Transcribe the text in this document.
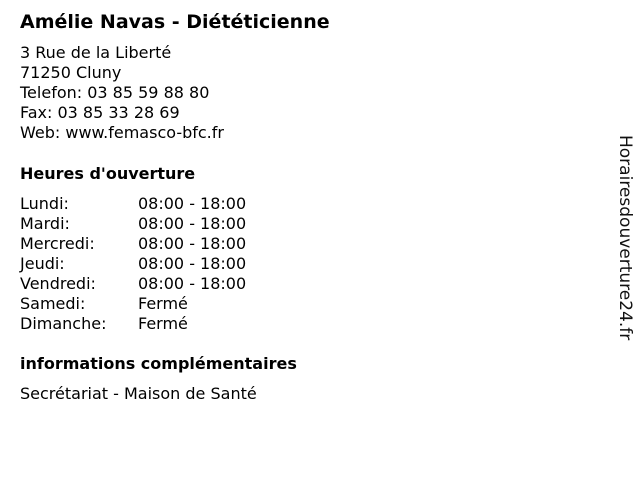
Amélie Navas - Diététicienne
3 Rue de la Liberté
71250 Cluny
Telefon: 03 85 59 88 80
Fax: 03 85 33 28 69
Web: www.femasco-bfc.fr
Heures d'ouverture
Lundi:	08:00 - 18:00
Mardi:	08:00 - 18:00
Mercredi:	08:00 - 18:00
Jeudi:	08:00 - 18:00
Vendredi:	08:00 - 18:00
Samedi:	Fermé
Dimanche: Fermé
informations complémentaires
Secrétariat - Maison de Santé
Horairesdouverture24.fr
